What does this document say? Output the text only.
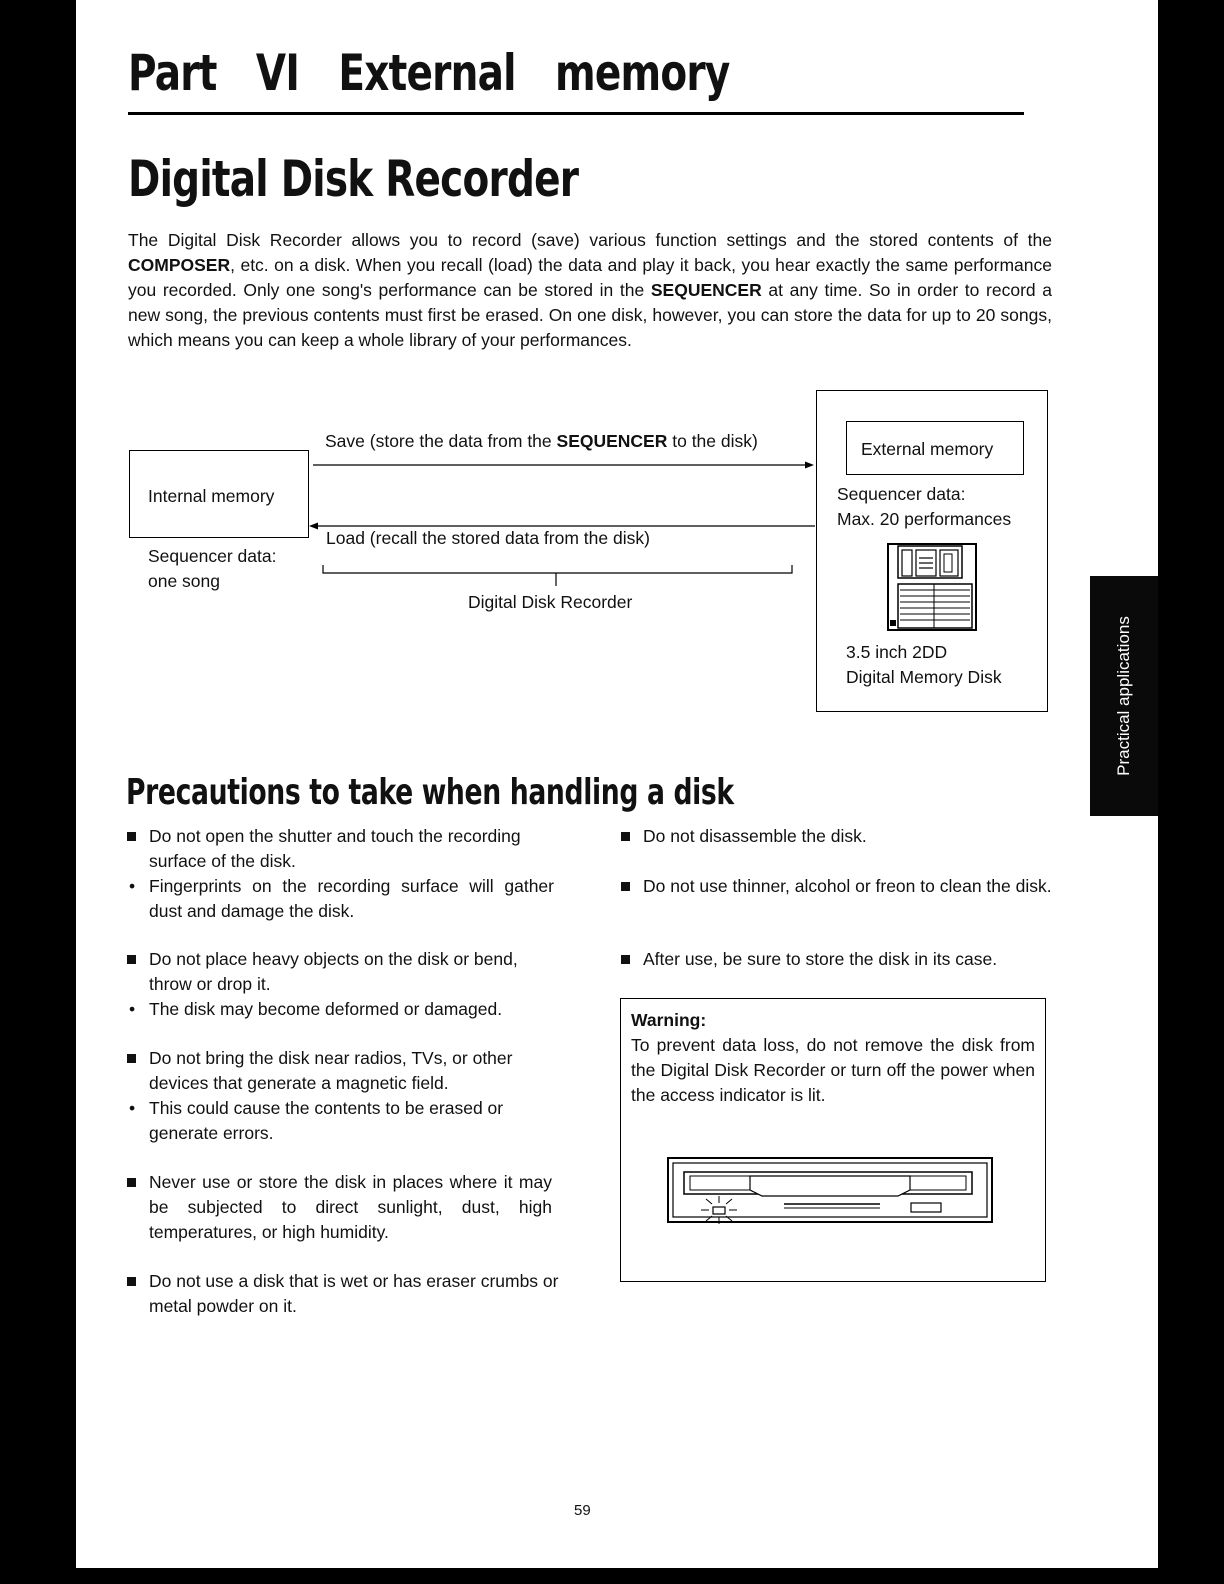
Practical applications
Part VI External memory
Digital Disk Recorder

The Digital Disk Recorder allows you to record (save) various function settings and the stored contents of the COMPOSER, etc. on a disk. When you recall (load) the data and play it back, you hear exactly the same performance you recorded. Only one song's performance can be stored in the SEQUENCER at any time. So in order to record a new song, the previous contents must first be erased. On one disk, however, you can store the data for up to 20 songs, which means you can keep a whole library of your performances.

Internal memory
Sequencer data:
one song
Save (store the data from the SEQUENCER to the disk)
Load (recall the stored data from the disk)
Digital Disk Recorder
External memory
Sequencer data:
Max. 20 performances
3.5 inch 2DD
Digital Memory Disk
Precautions to take when handling a disk
Do not open the shutter and touch the recording surface of the disk.
• Fingerprints on the recording surface will gather dust and damage the disk.
Do not place heavy objects on the disk or bend, throw or drop it.
• The disk may become deformed or damaged.
Do not bring the disk near radios, TVs, or other devices that generate a magnetic field.
• This could cause the contents to be erased or generate errors.
Never use or store the disk in places where it may be subjected to direct sunlight, dust, high temperatures, or high humidity.
Do not use a disk that is wet or has eraser crumbs or metal powder on it.
Do not disassemble the disk.
Do not use thinner, alcohol or freon to clean the disk.
After use, be sure to store the disk in its case.
Warning:
To prevent data loss, do not remove the disk from the Digital Disk Recorder or turn off the power when the access indicator is lit.
59
